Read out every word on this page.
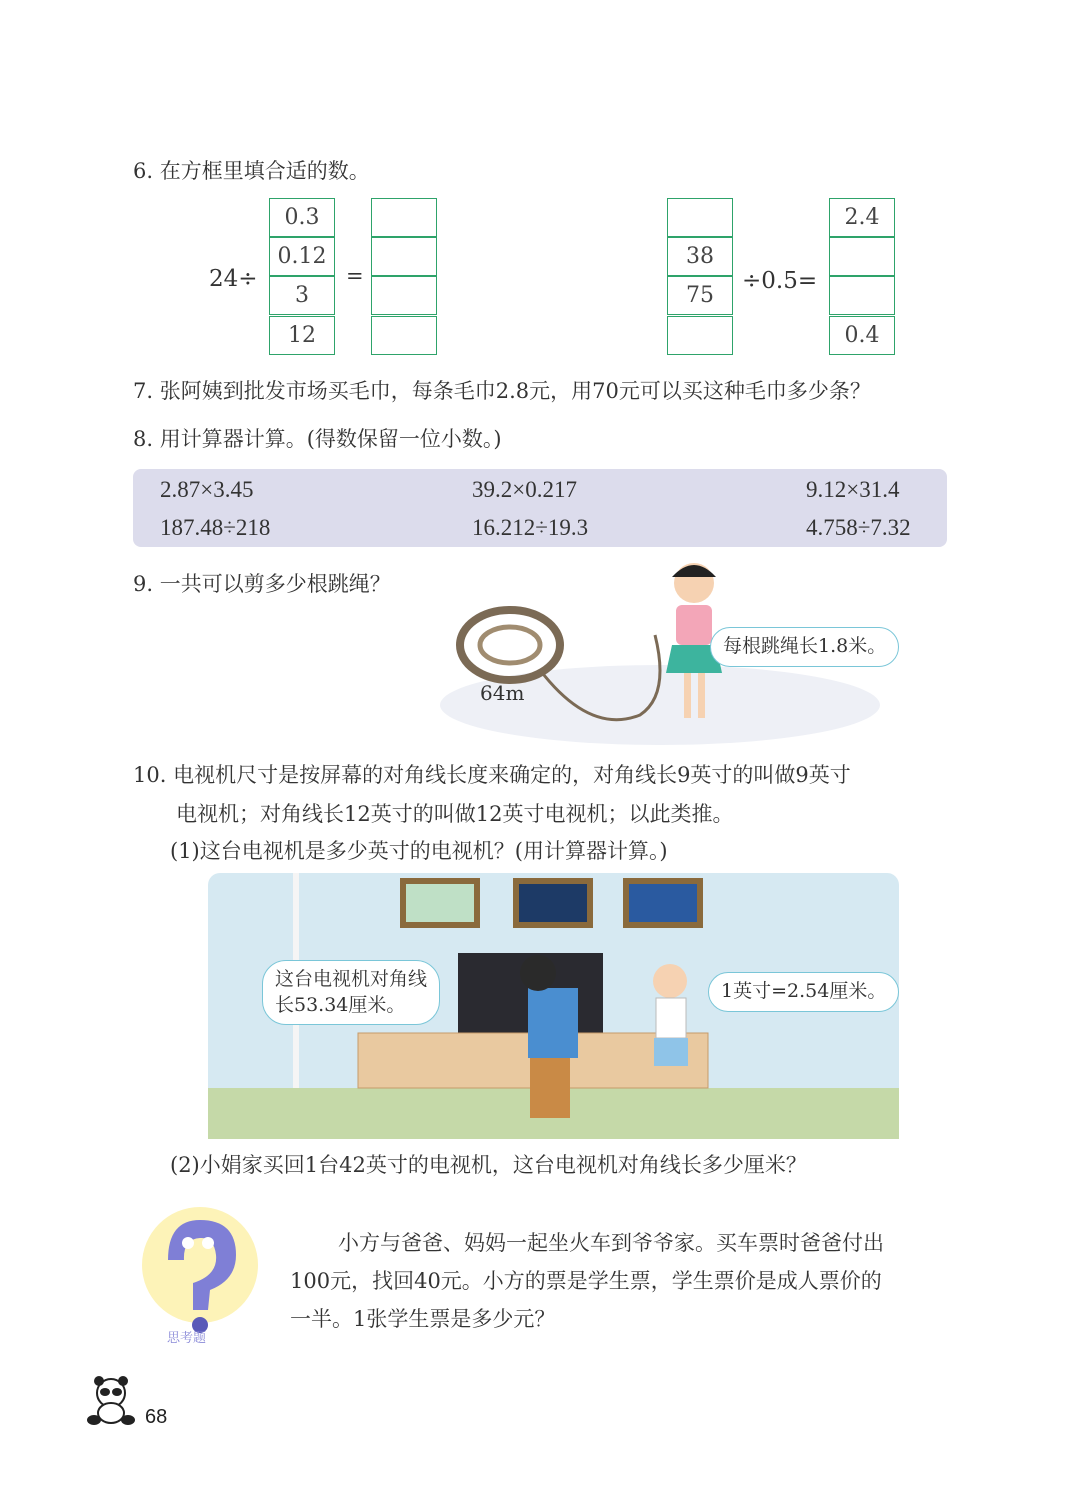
6. 在方框里填合适的数。
24÷	=
0.3
0.12
3
12
38
75
÷0.5=
2.4
0.4
7. 张阿姨到批发市场买毛巾，每条毛巾2.8元，用70元可以买这种毛巾多少条？
8. 用计算器计算。(得数保留一位小数。)
2.87×3.45	39.2×0.217	9.12×31.4
187.48÷218	16.212÷19.3	4.758÷7.32
9. 一共可以剪多少根跳绳？
64m
每根跳绳长1.8米。
10. 电视机尺寸是按屏幕的对角线长度来确定的，对角线长9英寸的叫做9英寸
电视机；对角线长12英寸的叫做12英寸电视机；以此类推。
(1)这台电视机是多少英寸的电视机？(用计算器计算。)
这台电视机对角线
长53.34厘米。
1英寸=2.54厘米。
(2)小娟家买回1台42英寸的电视机，这台电视机对角线长多少厘米？
思考题
小方与爸爸、妈妈一起坐火车到爷爷家。买车票时爸爸付出
100元，找回40元。小方的票是学生票，学生票价是成人票价的
一半。1张学生票是多少元？
68
